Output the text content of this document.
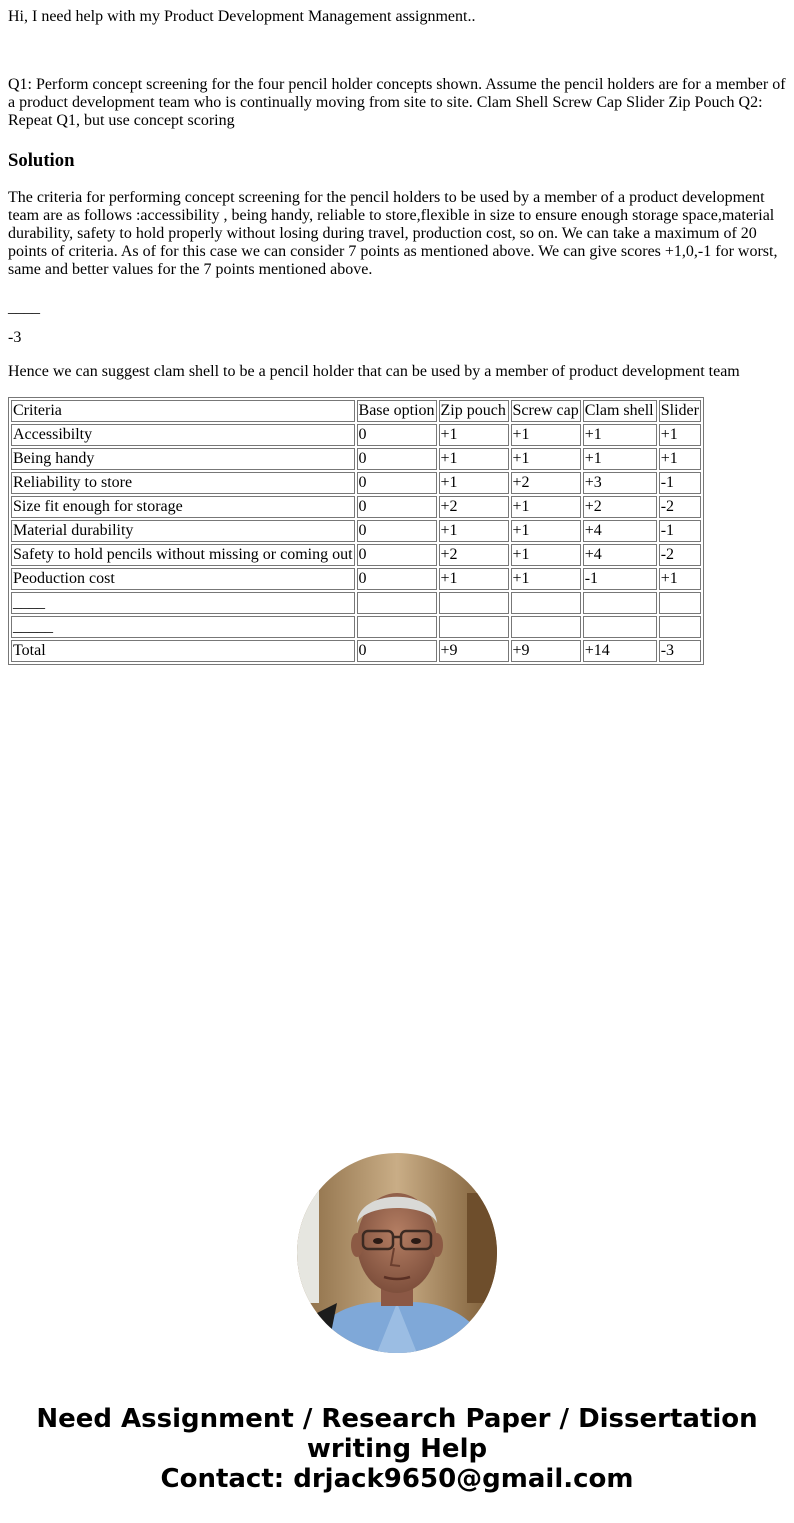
Hi, I need help with my Product Development Management assignment..

Q1: Perform concept screening for the four pencil holder concepts shown. Assume the pencil holders are for a member of a product development team who is continually moving from site to site. Clam Shell Screw Cap Slider Zip Pouch Q2: Repeat Q1, but use concept scoring

Solution

The criteria for performing concept screening for the pencil holders to be used by a member of a product development team are as follows :accessibility , being handy, reliable to store,flexible in size to ensure enough storage space,material durability, safety to hold properly without losing during travel, production cost, so on. We can take a maximum of 20 points of criteria. As of for this case we can consider 7 points as mentioned above. We can give scores +1,0,-1 for worst, same and better values for the 7 points mentioned above.

____

-3

Hence we can suggest clam shell to be a pencil holder that can be used by a member of product development team

Criteria	Base option	Zip pouch	Screw cap	Clam shell	Slider
Accessibilty	0	+1	+1	+1	+1
Being handy	0	+1	+1	+1	+1
Reliability to store	0	+1	+2	+3	-1
Size fit enough for storage	0	+2	+1	+2	-2
Material durability	0	+1	+1	+4	-1
Safety to hold pencils without missing or coming out	0	+2	+1	+4	-2
Peoduction cost	0	+1	+1	-1	+1
____					
_____					
Total	0	+9	+9	+14	-3
Need Assignment / Research Paper / Dissertation
writing Help
Contact: drjack9650@gmail.com
